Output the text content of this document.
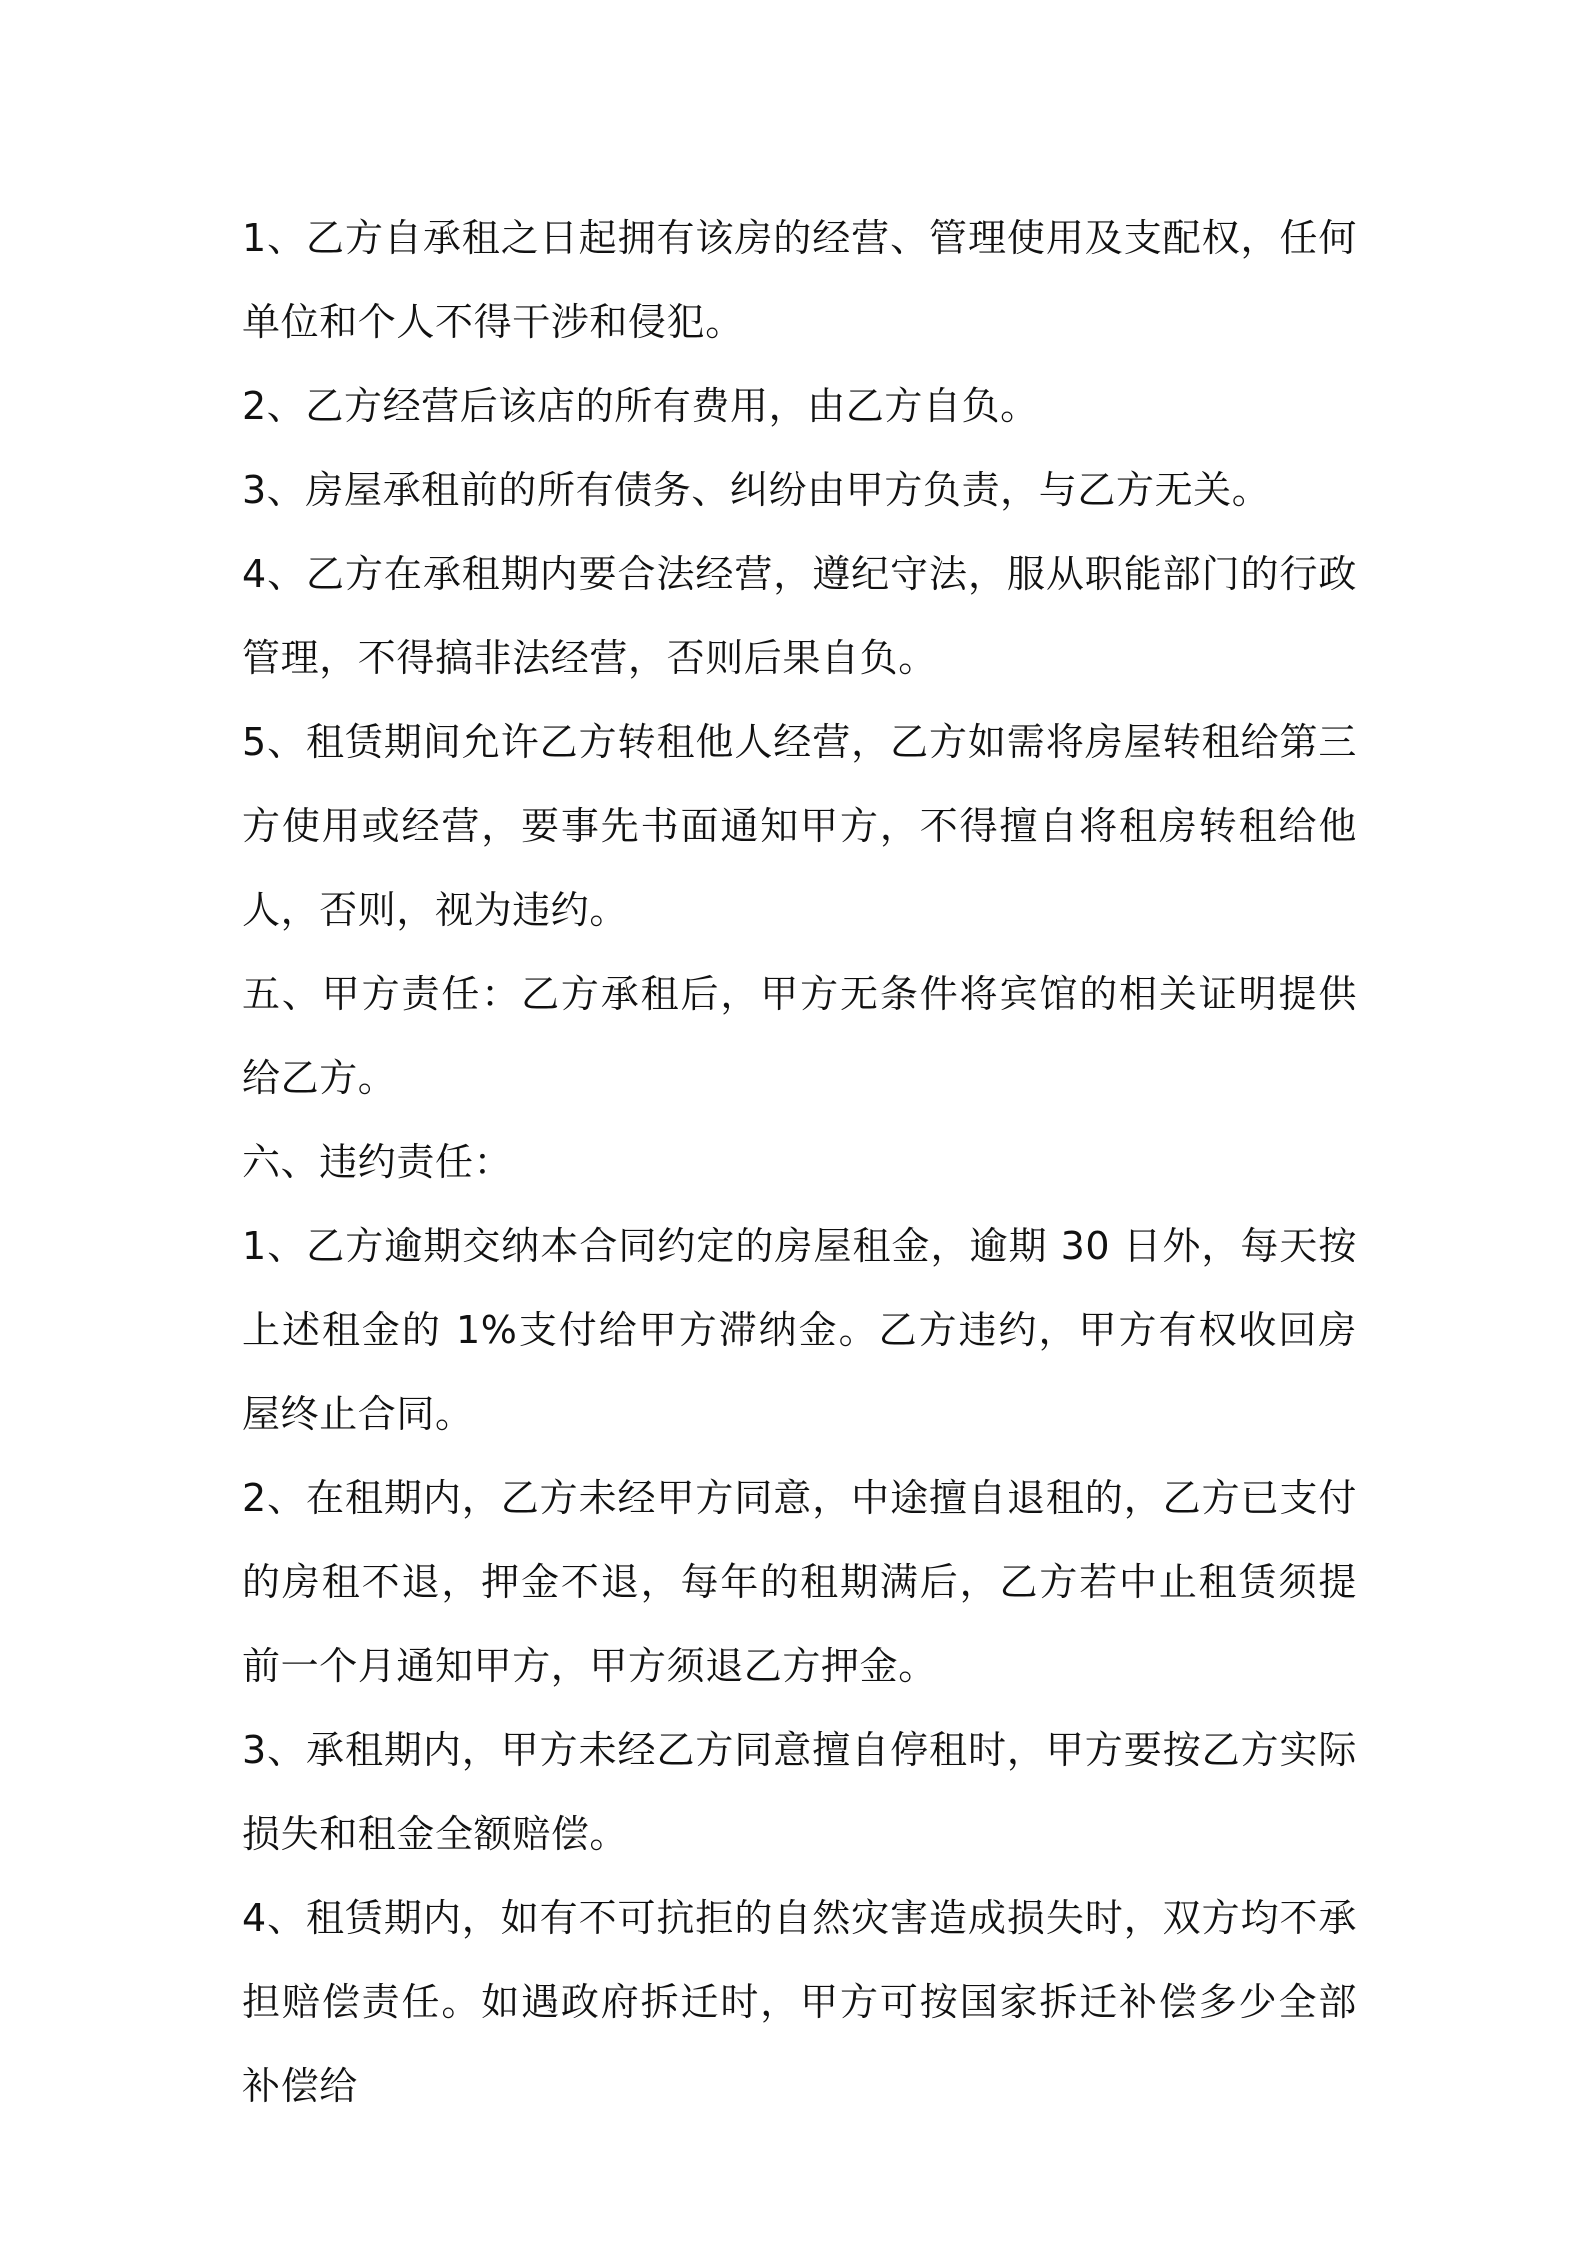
1、乙方自承租之日起拥有该房的经营、管理使用及支配权，任何单位和个人不得干涉和侵犯。

2、乙方经营后该店的所有费用，由乙方自负。

3、房屋承租前的所有债务、纠纷由甲方负责，与乙方无关。

4、乙方在承租期内要合法经营，遵纪守法，服从职能部门的行政管理，不得搞非法经营，否则后果自负。

5、租赁期间允许乙方转租他人经营，乙方如需将房屋转租给第三方使用或经营，要事先书面通知甲方，不得擅自将租房转租给他人，否则，视为违约。

五、甲方责任：乙方承租后，甲方无条件将宾馆的相关证明提供给乙方。

六、违约责任：

1、乙方逾期交纳本合同约定的房屋租金，逾期 30 日外，每天按上述租金的 1%支付给甲方滞纳金。乙方违约，甲方有权收回房屋终止合同。

2、在租期内，乙方未经甲方同意，中途擅自退租的，乙方已支付的房租不退，押金不退，每年的租期满后，乙方若中止租赁须提前一个月通知甲方，甲方须退乙方押金。

3、承租期内，甲方未经乙方同意擅自停租时，甲方要按乙方实际损失和租金全额赔偿。

4、租赁期内，如有不可抗拒的自然灾害造成损失时，双方均不承担赔偿责任。如遇政府拆迁时，甲方可按国家拆迁补偿多少全部补偿给
